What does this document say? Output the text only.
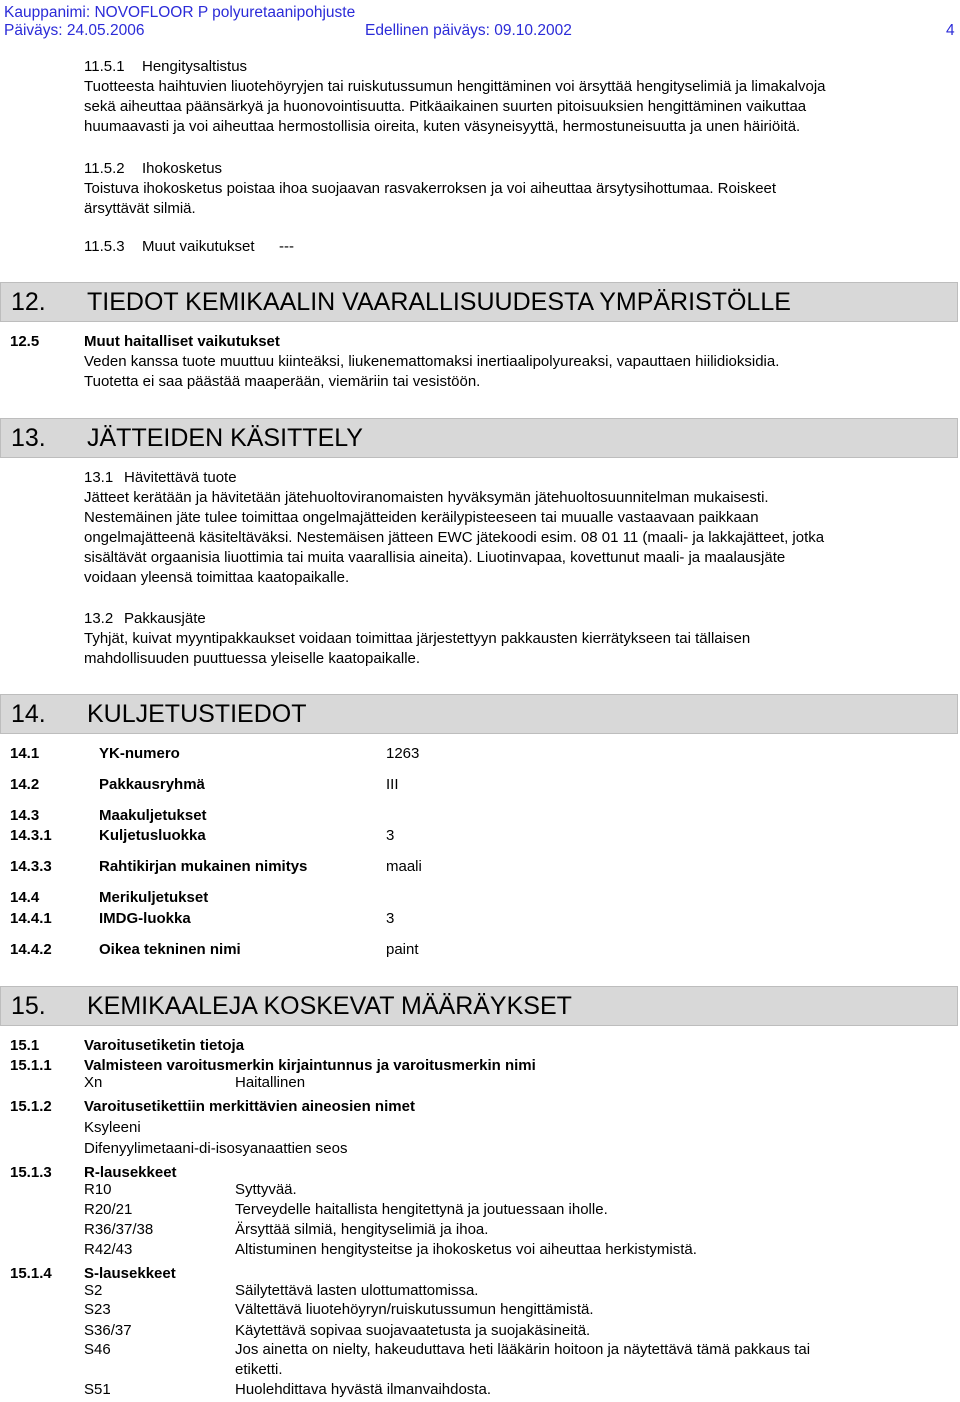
Kauppanimi: NOVOFLOOR P polyuretaanipohjuste
Päiväys: 24.05.2006	Edellinen päiväys: 09.10.2002	4
11.5.1 Hengitysaltistus
Tuotteesta haihtuvien liuotehöyryjen tai ruiskutussumun hengittäminen voi ärsyttää hengityselimiä ja limakalvoja
sekä aiheuttaa päänsärkyä ja huonovointisuutta. Pitkäaikainen suurten pitoisuuksien hengittäminen vaikuttaa
huumaavasti ja voi aiheuttaa hermostollisia oireita, kuten väsyneisyyttä, hermostuneisuutta ja unen häiriöitä.
11.5.2 Ihokosketus
Toistuva ihokosketus poistaa ihoa suojaavan rasvakerroksen ja voi aiheuttaa ärsytysihottumaa. Roiskeet
ärsyttävät silmiä.
11.5.3 Muut vaikutukset ---
12. TIEDOT KEMIKAALIN VAARALLISUUDESTA YMPÄRISTÖLLE
12.5	Muut haitalliset vaikutukset
Veden kanssa tuote muuttuu kiinteäksi, liukenemattomaksi inertiaalipolyureaksi, vapauttaen hiilidioksidia.
Tuotetta ei saa päästää maaperään, viemäriin tai vesistöön.
13. JÄTTEIDEN KÄSITTELY
13.1 Hävitettävä tuote
Jätteet kerätään ja hävitetään jätehuoltoviranomaisten hyväksymän jätehuoltosuunnitelman mukaisesti.
Nestemäinen jäte tulee toimittaa ongelmajätteiden keräilypisteeseen tai muualle vastaavaan paikkaan
ongelmajätteenä käsiteltäväksi. Nestemäisen jätteen EWC jätekoodi esim. 08 01 11 (maali- ja lakkajätteet, jotka
sisältävät orgaanisia liuottimia tai muita vaarallisia aineita). Liuotinvapaa, kovettunut maali- ja maalausjäte
voidaan yleensä toimittaa kaatopaikalle.
13.2 Pakkausjäte
Tyhjät, kuivat myyntipakkaukset voidaan toimittaa järjestettyyn pakkausten kierrätykseen tai tällaisen
mahdollisuuden puuttuessa yleiselle kaatopaikalle.
14. KULJETUSTIEDOT
14.1	YK-numero	1263
14.2	Pakkausryhmä	III
14.3	Maakuljetukset
14.3.1	Kuljetusluokka	3
14.3.3	Rahtikirjan mukainen nimitys	maali
14.4	Merikuljetukset
14.4.1	IMDG-luokka	3
14.4.2	Oikea tekninen nimi	paint
15. KEMIKAALEJA KOSKEVAT MÄÄRÄYKSET
15.1	Varoitusetiketin tietoja
15.1.1 Valmisteen varoitusmerkin kirjaintunnus ja varoitusmerkin nimi
Xn	Haitallinen
15.1.2 Varoitusetikettiin merkittävien aineosien nimet
Ksyleeni
Difenyylimetaani-di-isosyanaattien seos
15.1.3 R-lausekkeet
R10	Syttyvää.
R20/21	Terveydelle haitallista hengitettynä ja joutuessaan iholle.
R36/37/38	Ärsyttää silmiä, hengityselimiä ja ihoa.
R42/43	Altistuminen hengitysteitse ja ihokosketus voi aiheuttaa herkistymistä.
15.1.4 S-lausekkeet
S2	Säilytettävä lasten ulottumattomissa.
S23	Vältettävä liuotehöyryn/ruiskutussumun hengittämistä.
S36/37	Käytettävä sopivaa suojavaatetusta ja suojakäsineitä.
S46	Jos ainetta on nielty, hakeuduttava heti lääkärin hoitoon ja näytettävä tämä pakkaus tai
etiketti.
S51	Huolehdittava hyvästä ilmanvaihdosta.
